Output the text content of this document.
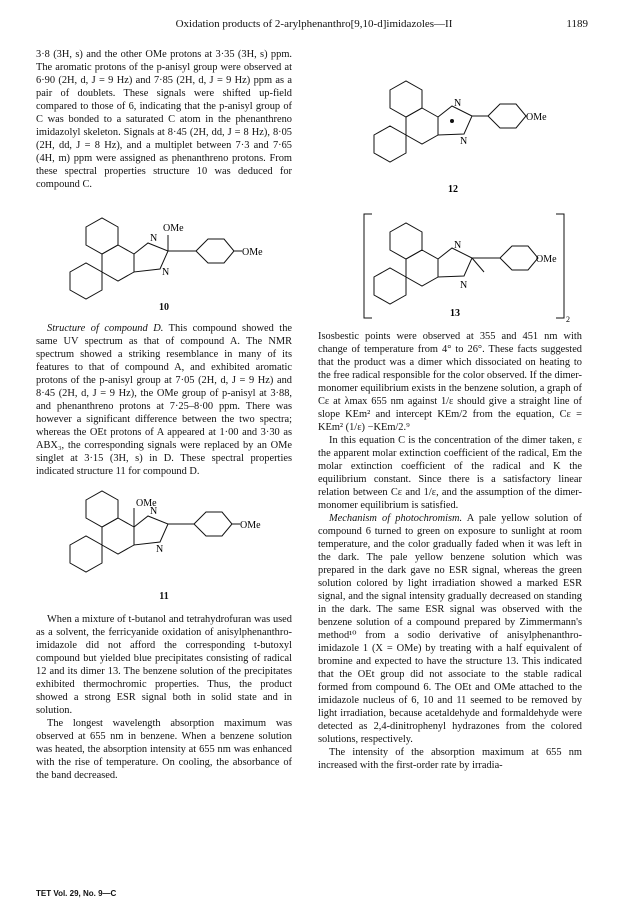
Oxidation products of 2-arylphenanthro[9,10-d]imidazoles—II	1189

3·8 (3H, s) and the other OMe protons at 3·35 (3H, s) ppm. The aromatic protons of the p-anisyl group were observed at 6·90 (2H, d, J = 9 Hz) and 7·85 (2H, d, J = 9 Hz) ppm as a pair of doublets. These signals were shifted up-field compared to those of 6, indicating that the p-anisyl group of C was bonded to a saturated C atom in the phenanthreno imidazolyl skeleton. Signals at 8·45 (2H, dd, J = 8 Hz), 8·05 (2H, dd, J = 8 Hz), and a multiplet between 7·3 and 7·65 (4H, m) ppm were assigned as phenanthreno protons. From these spectral properties structure 10 was deduced for compound C.

N
N
OMe
OMe

10

Structure of compound D. This compound showed the same UV spectrum as that of compound A. The NMR spectrum showed a striking resemblance in many of its features to that of compound A, and exhibited aromatic protons of the p-anisyl group at 7·05 (2H, d, J = 9 Hz) and 8·45 (2H, d, J = 9 Hz), the OMe group of p-anisyl at 3·88, and phenanthreno protons at 7·25–8·00 ppm. There was however a significant difference between the two spectra; whereas the OEt protons of A appeared at 1·00 and 3·30 as ABX₃, the corresponding signals were replaced by an OMe singlet at 3·15 (3H, s) in D. These spectral properties indicated structure 11 for compound D.

OMe
N
N
OMe

11

When a mixture of t-butanol and tetrahydrofuran was used as a solvent, the ferricyanide oxidation of anisylphenanthro-imidazole did not afford the corresponding t-butoxyl compound but yielded blue precipitates consisting of radical 12 and its dimer 13. The benzene solution of the precipitates exhibited thermochromic properties. Thus, the product showed a strong ESR signal both in solid state and in solution.

The longest wavelength absorption maximum was observed at 655 nm in benzene. When a benzene solution was heated, the absorption intensity at 655 nm was enhanced with the rise of temperature. On cooling, the absorbance of the band decreased.

N
N
OMe
12
N
N
OMe
13
2

Isosbestic points were observed at 355 and 451 nm with change of temperature from 4° to 26°. These facts suggested that the product was a dimer which dissociated on heating to the free radical responsible for the color observed. If the dimer-monomer equilibrium exists in the benzene solution, a graph of Cε at λmax 655 nm against 1/ε should give a straight line of slope KEm² and intercept KEm/2 from the equation, Cε = KEm² (1/ε) −KEm/2.⁹

In this equation C is the concentration of the dimer taken, ε the apparent molar extinction coefficient of the radical, Em the molar extinction coefficient of the radical and K the equilibrium constant. Since there is a satisfactory linear relation between Cε and 1/ε, and the assumption of the dimer-monomer equilibrium is satisfied.

Mechanism of photochromism. A pale yellow solution of compound 6 turned to green on exposure to sunlight at room temperature, and the color gradually faded when it was left in the dark. The pale yellow benzene solution which was prepared in the dark gave no ESR signal, whereas the green solution colored by light irradiation showed a marked ESR signal, and the signal intensity gradually decreased on standing in the dark. The same ESR signal was observed with the benzene solution of a compound prepared by Zimmermann's method¹⁰ from a sodio derivative of anisylphenanthro-imidazole 1 (X = OMe) by treating with a half equivalent of bromine and expected to have the structure 13. This indicated that the OEt group did not associate to the stable radical formed from compound 6. The OEt and OMe attached to the imidazole nucleus of 6, 10 and 11 seemed to be removed by light irradiation, because acetaldehyde and formaldehyde were detected as 2,4-dinitrophenyl hydrazones from the colored solutions, respectively.

The intensity of the absorption maximum at 655 nm increased with the first-order rate by irradia-

TET Vol. 29, No. 9—C
